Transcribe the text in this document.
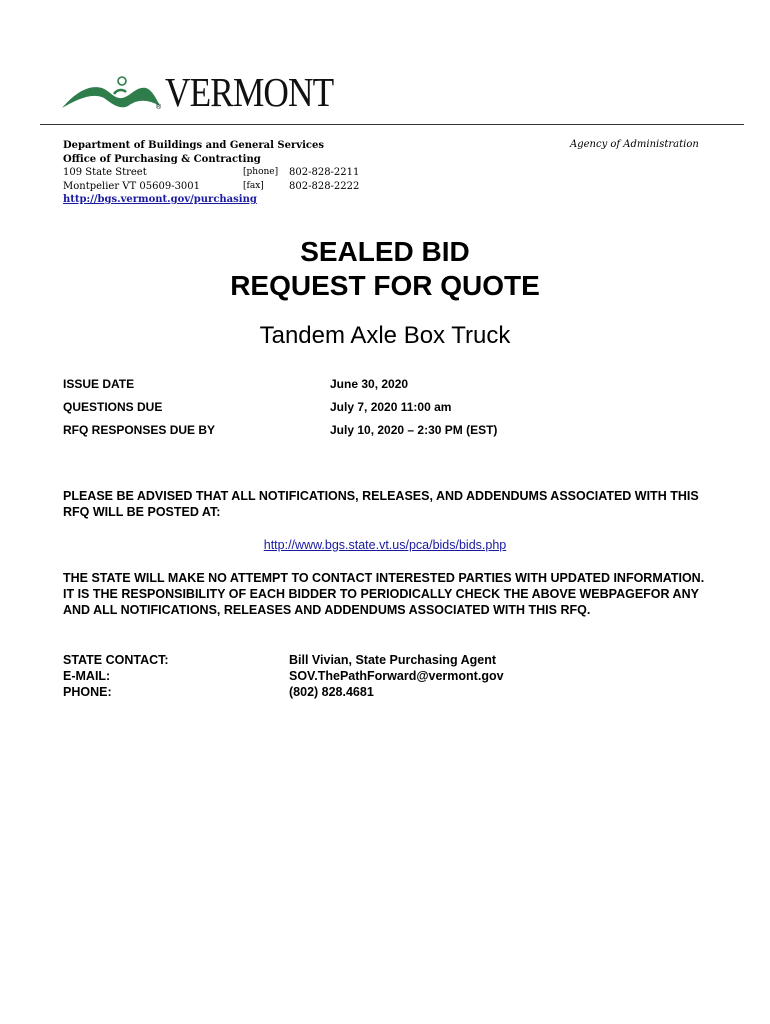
® VERMONT
Department of Buildings and General Services
Office of Purchasing & Contracting
109 State Street	[phone] 802-828-2211
Montpelier VT 05609-3001	[fax]	802-828-2222
http://bgs.vermont.gov/purchasing
Agency of Administration
SEALED BID
REQUEST FOR QUOTE
Tandem Axle Box Truck
ISSUE DATE	June 30, 2020
QUESTIONS DUE	July 7, 2020 11:00 am
RFQ RESPONSES DUE BY	July 10, 2020 – 2:30 PM (EST)
PLEASE BE ADVISED THAT ALL NOTIFICATIONS, RELEASES, AND ADDENDUMS ASSOCIATED WITH THIS RFQ WILL BE POSTED AT:
http://www.bgs.state.vt.us/pca/bids/bids.php
THE STATE WILL MAKE NO ATTEMPT TO CONTACT INTERESTED PARTIES WITH UPDATED INFORMATION. IT IS THE RESPONSIBILITY OF EACH BIDDER TO PERIODICALLY CHECK THE ABOVE WEBPAGEFOR ANY AND ALL NOTIFICATIONS, RELEASES AND ADDENDUMS ASSOCIATED WITH THIS RFQ.
STATE CONTACT:	Bill Vivian, State Purchasing Agent
E-MAIL:	SOV.ThePathForward@vermont.gov
PHONE:	(802) 828.4681
